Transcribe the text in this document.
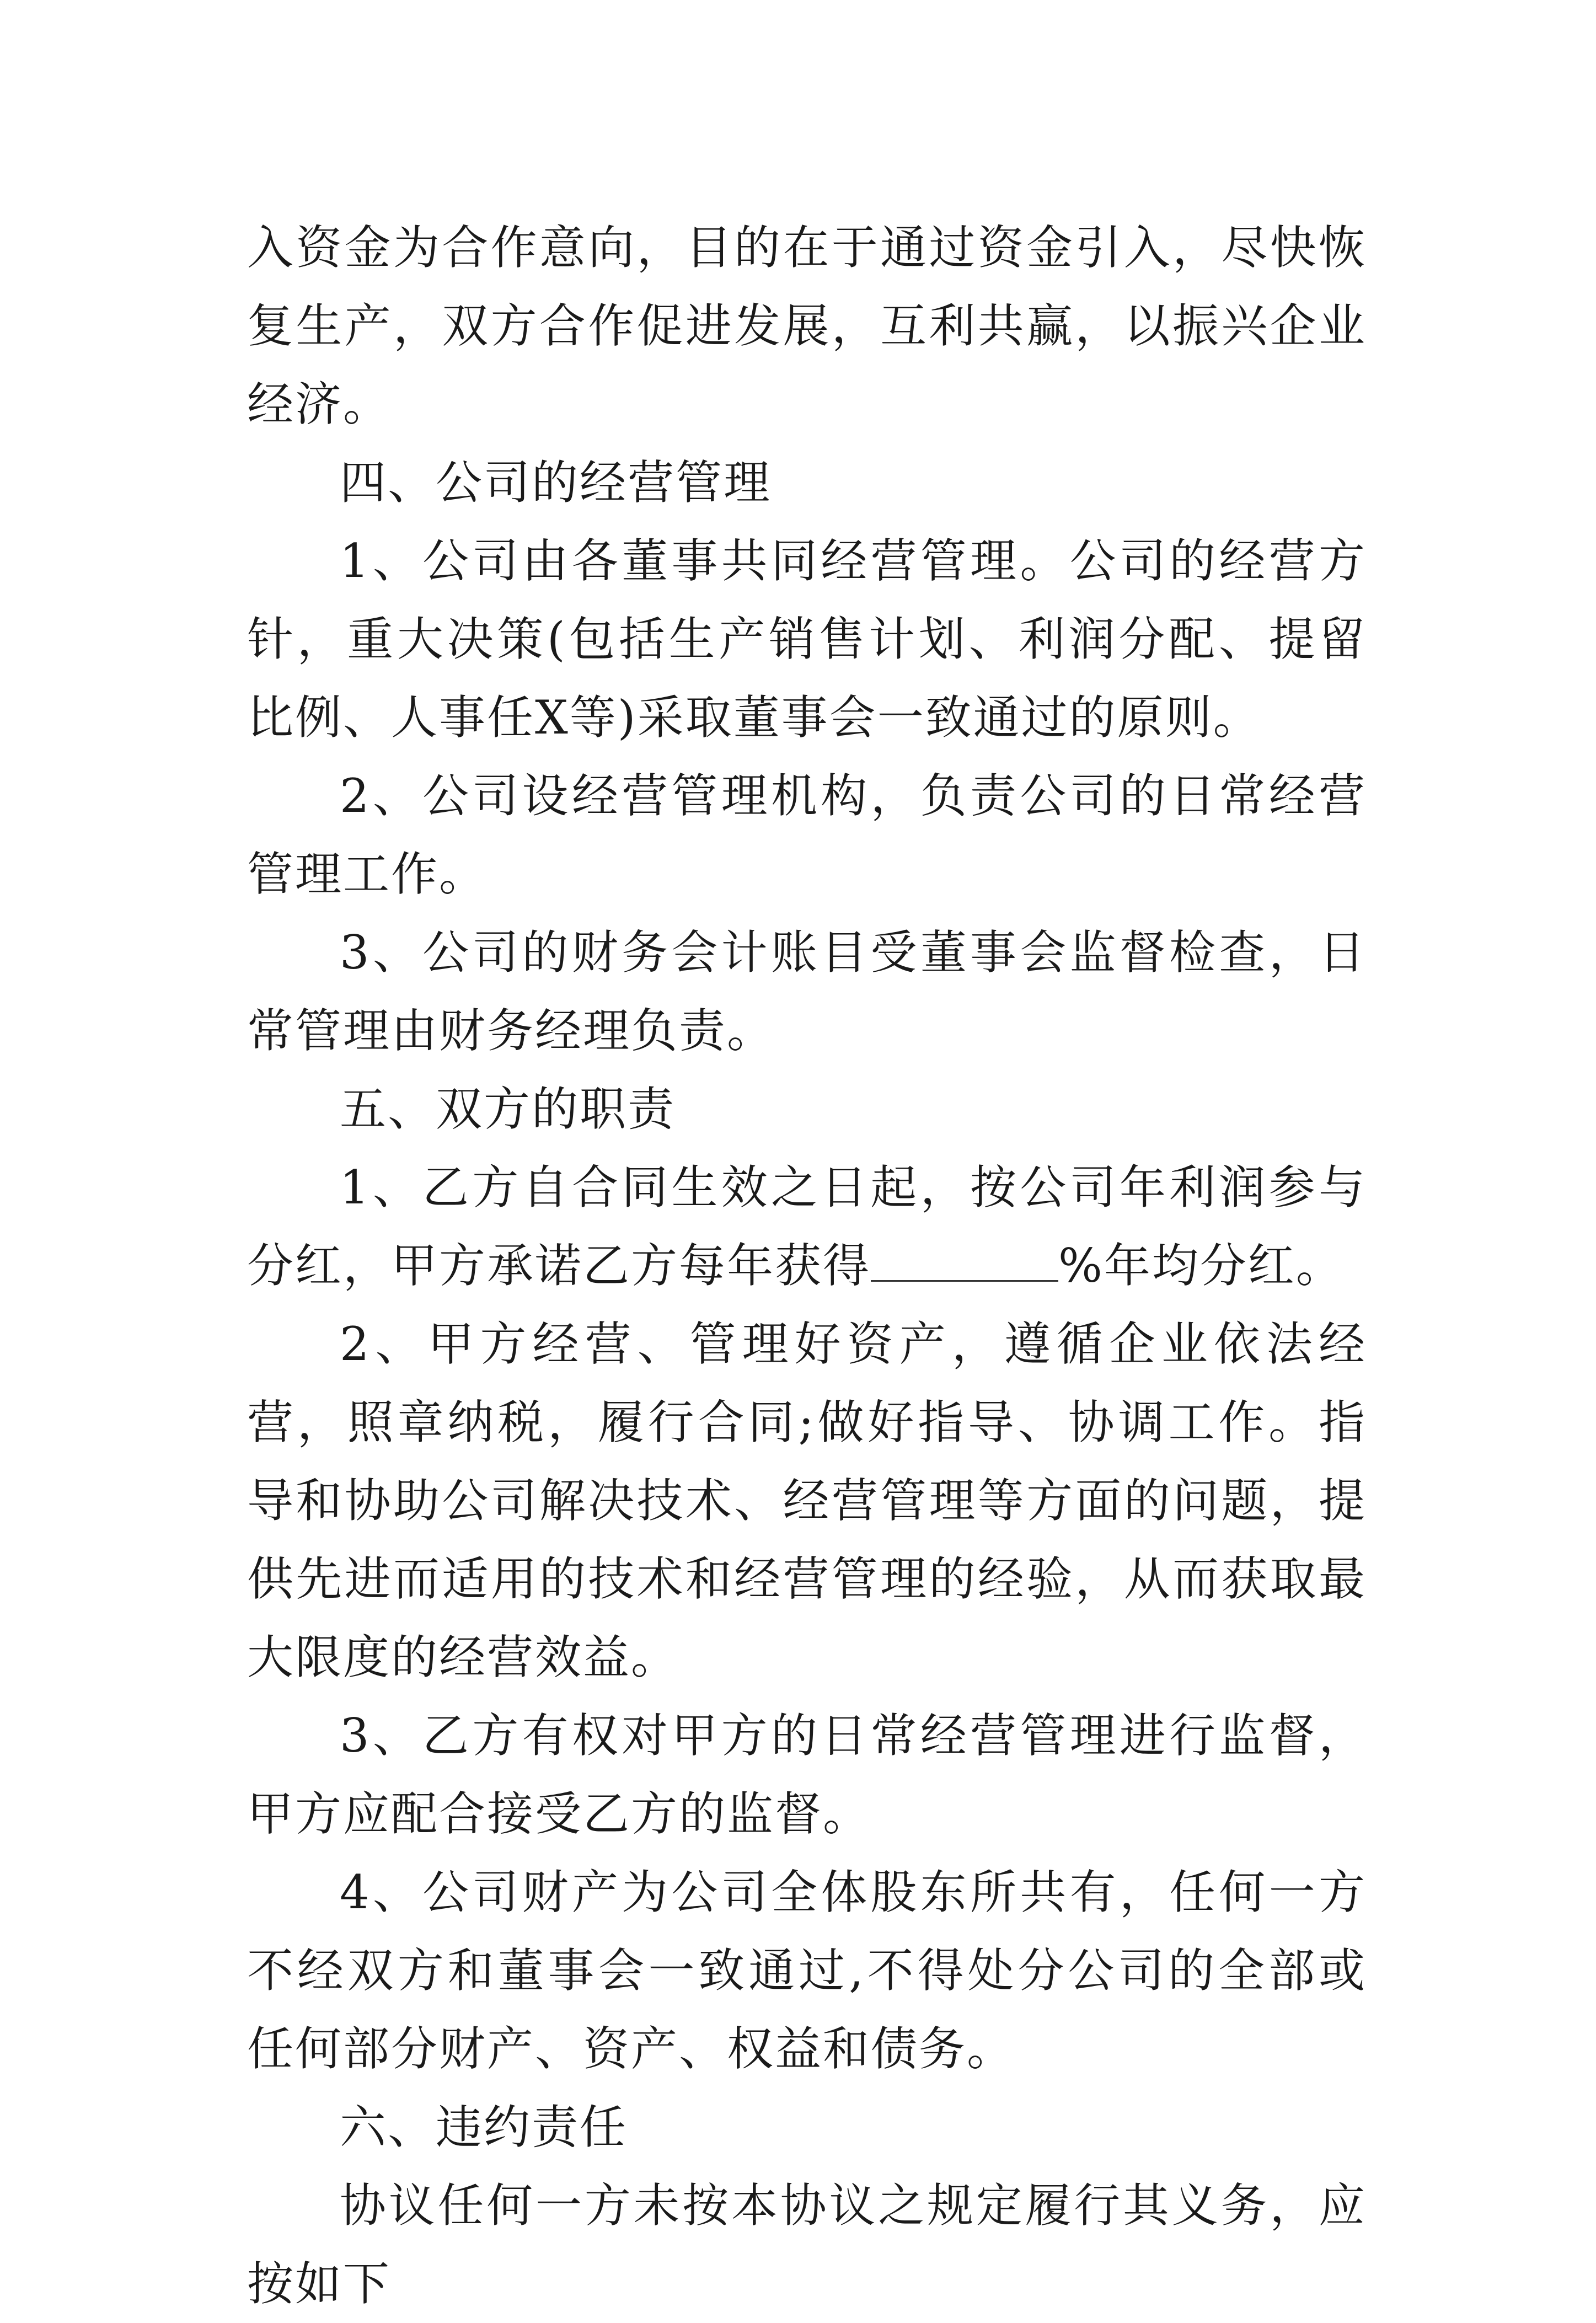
入资金为合作意向，目的在于通过资金引入，尽快恢复生产，双方合作促进发展，互利共赢，以振兴企业经济。

四、公司的经营管理

1、公司由各董事共同经营管理。公司的经营方针，重大决策(包括生产销售计划、利润分配、提留比例、人事任X等)采取董事会一致通过的原则。

2、公司设经营管理机构，负责公司的日常经营管理工作。

3、公司的财务会计账目受董事会监督检查，日常管理由财务经理负责。

五、双方的职责

1、乙方自合同生效之日起，按公司年利润参与分红，甲方承诺乙方每年获得	%年均分红。

2、甲方经营、管理好资产，遵循企业依法经营，照章纳税，履行合同;做好指导、协调工作。指导和协助公司解决技术、经营管理等方面的问题，提供先进而适用的技术和经营管理的经验，从而获取最大限度的经营效益。

3、乙方有权对甲方的日常经营管理进行监督，甲方应配合接受乙方的监督。

4、公司财产为公司全体股东所共有，任何一方不经双方和董事会一致通过,不得处分公司的全部或任何部分财产、资产、权益和债务。

六、违约责任

协议任何一方未按本协议之规定履行其义务，应按如下
